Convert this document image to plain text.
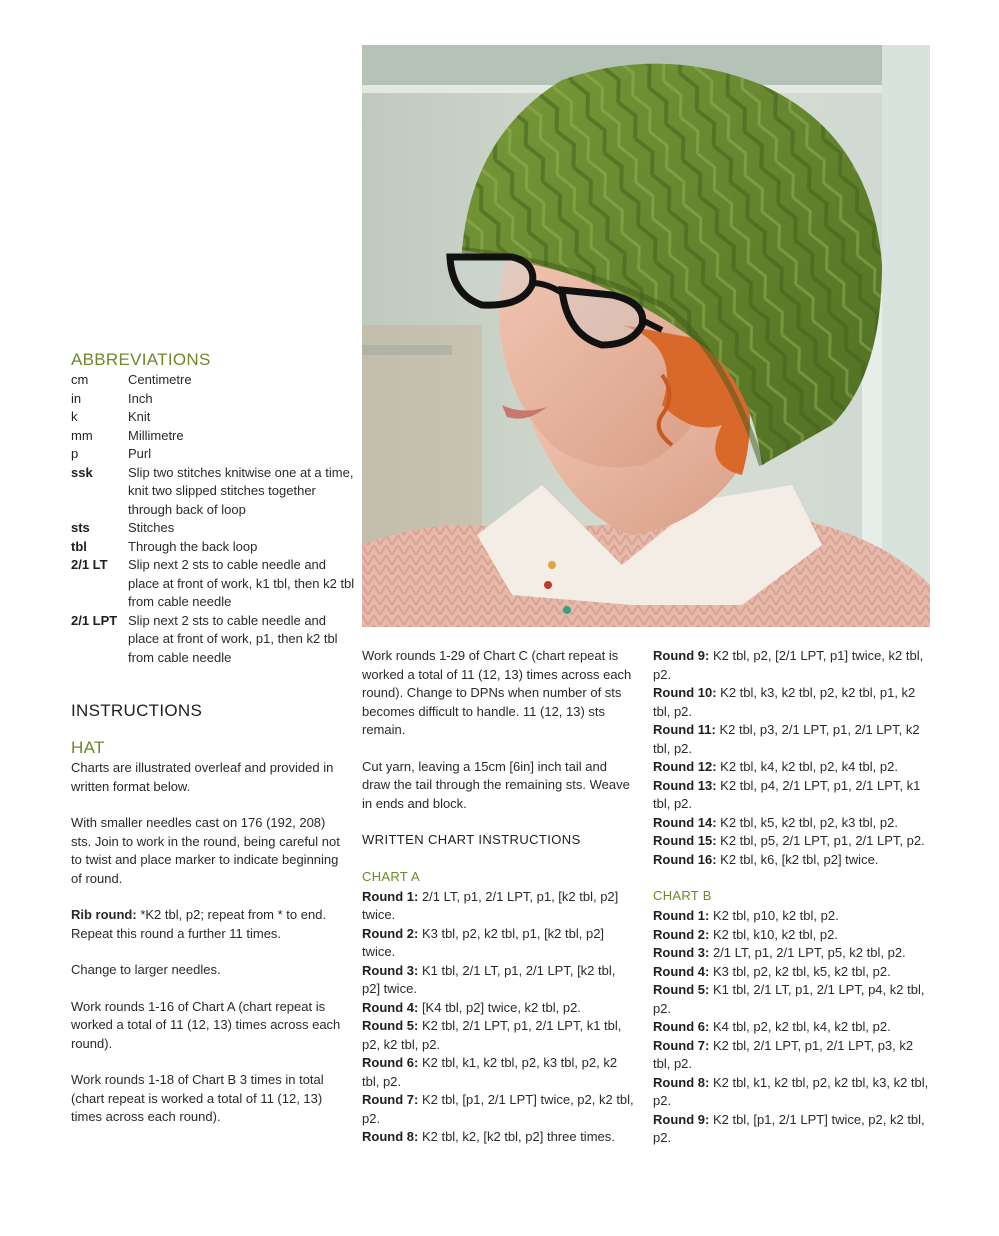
ABBREVIATIONS
cm	Centimetre
in	Inch
k	Knit
mm	Millimetre
p	Purl
ssk	Slip two stitches knitwise one at a time, knit two slipped stitches together through back of loop
sts	Stitches
tbl	Through the back loop
2/1 LT	Slip next 2 sts to cable needle and place at front of work, k1 tbl, then k2 tbl from cable needle
2/1 LPT Slip next 2 sts to cable needle and place at front of work, p1, then k2 tbl from cable needle
INSTRUCTIONS
HAT

Charts are illustrated overleaf and provided in written format below.

With smaller needles cast on 176 (192, 208) sts. Join to work in the round, being careful not to twist and place marker to indicate beginning of round.

Rib round: *K2 tbl, p2; repeat from * to end.

Repeat this round a further 11 times.

Change to larger needles.

Work rounds 1-16 of Chart A (chart repeat is worked a total of 11 (12, 13) times across each round).

Work rounds 1-18 of Chart B 3 times in total (chart repeat is worked a total of 11 (12, 13) times across each round).

Work rounds 1-29 of Chart C (chart repeat is worked a total of 11 (12, 13) times across each round). Change to DPNs when number of sts becomes difficult to handle. 11 (12, 13) sts remain.

Cut yarn, leaving a 15cm [6in] inch tail and draw the tail through the remaining sts. Weave in ends and block.

WRITTEN CHART INSTRUCTIONS

CHART A

Round 1: 2/1 LT, p1, 2/1 LPT, p1, [k2 tbl, p2] twice.

Round 2: K3 tbl, p2, k2 tbl, p1, [k2 tbl, p2] twice.

Round 3: K1 tbl, 2/1 LT, p1, 2/1 LPT, [k2 tbl, p2] twice.

Round 4: [K4 tbl, p2] twice, k2 tbl, p2.

Round 5: K2 tbl, 2/1 LPT, p1, 2/1 LPT, k1 tbl, p2, k2 tbl, p2.

Round 6: K2 tbl, k1, k2 tbl, p2, k3 tbl, p2, k2 tbl, p2.

Round 7: K2 tbl, [p1, 2/1 LPT] twice, p2, k2 tbl, p2.

Round 8: K2 tbl, k2, [k2 tbl, p2] three times.

Round 9: K2 tbl, p2, [2/1 LPT, p1] twice, k2 tbl, p2.

Round 10: K2 tbl, k3, k2 tbl, p2, k2 tbl, p1, k2 tbl, p2.

Round 11: K2 tbl, p3, 2/1 LPT, p1, 2/1 LPT, k2 tbl, p2.

Round 12: K2 tbl, k4, k2 tbl, p2, k4 tbl, p2.

Round 13: K2 tbl, p4, 2/1 LPT, p1, 2/1 LPT, k1 tbl, p2.

Round 14: K2 tbl, k5, k2 tbl, p2, k3 tbl, p2.

Round 15: K2 tbl, p5, 2/1 LPT, p1, 2/1 LPT, p2.

Round 16: K2 tbl, k6, [k2 tbl, p2] twice.

CHART B

Round 1: K2 tbl, p10, k2 tbl, p2.

Round 2: K2 tbl, k10, k2 tbl, p2.

Round 3: 2/1 LT, p1, 2/1 LPT, p5, k2 tbl, p2.

Round 4: K3 tbl, p2, k2 tbl, k5, k2 tbl, p2.

Round 5: K1 tbl, 2/1 LT, p1, 2/1 LPT, p4, k2 tbl, p2.

Round 6: K4 tbl, p2, k2 tbl, k4, k2 tbl, p2.

Round 7: K2 tbl, 2/1 LPT, p1, 2/1 LPT, p3, k2 tbl, p2.

Round 8: K2 tbl, k1, k2 tbl, p2, k2 tbl, k3, k2 tbl, p2.

Round 9: K2 tbl, [p1, 2/1 LPT] twice, p2, k2 tbl, p2.
